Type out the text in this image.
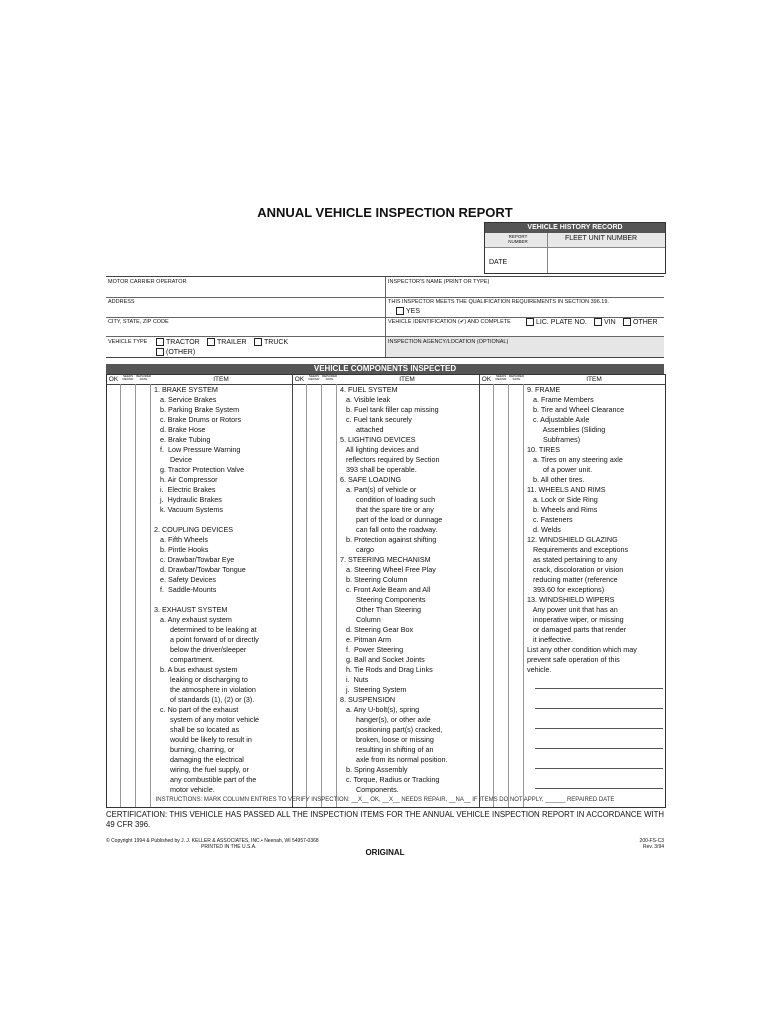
ANNUAL VEHICLE INSPECTION REPORT
VEHICLE HISTORY RECORD
REPORT NUMBER	FLEET UNIT NUMBER
DATE
MOTOR CARRIER OPERATOR	INSPECTOR'S NAME (PRINT OR TYPE)
ADDRESS	THIS INSPECTOR MEETS THE QUALIFICATION REQUIREMENTS IN SECTION 396.19.
YES
CITY, STATE, ZIP CODE	VEHICLE IDENTIFICATION (✔) AND COMPLETE	LIC. PLATE NO.	VIN	OTHER
VEHICLE TYPE	TRACTOR	TRAILER	TRUCK
(OTHER)
INSPECTION AGENCY/LOCATION (OPTIONAL)
VEHICLE COMPONENTS INSPECTED
OK	NEEDS REPAIR
REPAIRED DATE	ITEM	OK	NEEDS REPAIR
REPAIRED DATE	ITEM	OK	NEEDS REPAIR
REPAIRED DATE	ITEM
1. BRAKE SYSTEM
a. Service Brakes
b. Parking Brake System
c. Brake Drums or Rotors
d. Brake Hose
e. Brake Tubing
f.  Low Pressure Warning
Device
g. Tractor Protection Valve
h. Air Compressor
i.  Electric Brakes
j.  Hydraulic Brakes
k. Vacuum Systems
2. COUPLING DEVICES
a. Fifth Wheels
b. Pintle Hooks
c. Drawbar/Towbar Eye
d. Drawbar/Towbar Tongue
e. Safety Devices
f.  Saddle-Mounts
3. EXHAUST SYSTEM
a. Any exhaust system
determined to be leaking at
a point forward of or directly
below the driver/sleeper
compartment.
b. A bus exhaust system
leaking or discharging to
the atmosphere in violation
of standards (1), (2) or (3).
c. No part of the exhaust
system of any motor vehicle
shall be so located as
would be likely to result in
burning, charring, or
damaging the electrical
wiring, the fuel supply, or
any combustible part of the
motor vehicle.
4. FUEL SYSTEM
a. Visible leak
b. Fuel tank filler cap missing
c. Fuel tank securely
attached
5. LIGHTING DEVICES
All lighting devices and
reflectors required by Section
393 shall be operable.
6. SAFE LOADING
a. Part(s) of vehicle or
condition of loading such
that the spare tire or any
part of the load or dunnage
can fall onto the roadway.
b. Protection against shifting
cargo
7. STEERING MECHANISM
a. Steering Wheel Free Play
b. Steering Column
c. Front Axle Beam and All
Steering Components
Other Than Steering
Column
d. Steering Gear Box
e. Pitman Arm
f.  Power Steering
g. Ball and Socket Joints
h. Tie Rods and Drag Links
i.  Nuts
j.  Steering System
8. SUSPENSION
a. Any U-bolt(s), spring
hanger(s), or other axle
positioning part(s) cracked,
broken, loose or missing
resulting in shifting of an
axle from its normal position.
b. Spring Assembly
c. Torque, Radius or Tracking
Components.
9. FRAME
a. Frame Members
b. Tire and Wheel Clearance
c. Adjustable Axle
Assemblies (Sliding
Subframes)
10. TIRES
a. Tires on any steering axle
of a power unit.
b. All other tires.
11. WHEELS AND RIMS
a. Lock or Side Ring
b. Wheels and Rims
c. Fasteners
d. Welds
12. WINDSHIELD GLAZING
Requirements and exceptions
as stated pertaining to any
crack, discoloration or vision
reducing matter (reference
393.60 for exceptions)
13. WINDSHIELD WIPERS
Any power unit that has an
inoperative wiper, or missing
or damaged parts that render
it ineffective.
List any other condition which may
prevent safe operation of this
vehicle.
INSTRUCTIONS: MARK COLUMN ENTRIES TO VERIFY INSPECTION: __X__ OK, __X__ NEEDS REPAIR, __NA__ IF ITEMS DO NOT APPLY, ______ REPAIRED DATE
CERTIFICATION: THIS VEHICLE HAS PASSED ALL THE INSPECTION ITEMS FOR THE ANNUAL VEHICLE INSPECTION REPORT IN ACCORDANCE WITH 49 CFR 396.
© Copyright 1994 & Published by J. J. KELLER & ASSOCIATES, INC.• Neenah, WI 54957-0368
PRINTED IN THE U.S.A.
200-FS-C3
Rev. 3/94
ORIGINAL
